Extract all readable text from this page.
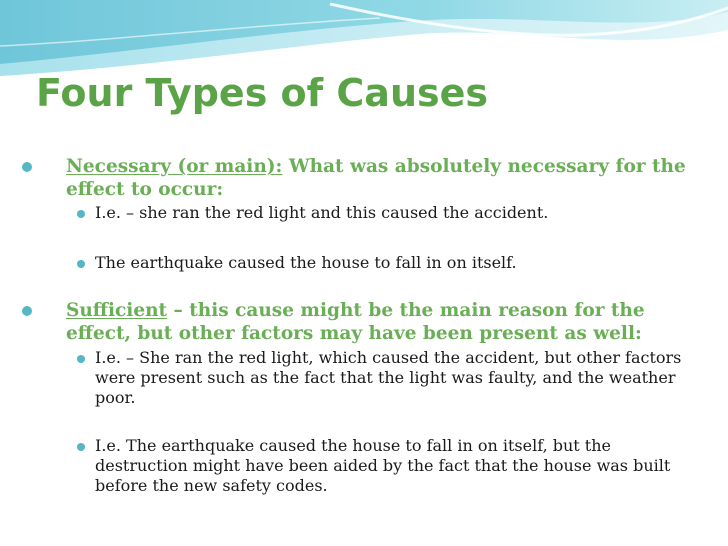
Four Types of Causes

Necessary (or main): What was absolutely necessary for the effect to occur:

I.e. – she ran the red light and this caused the accident.

The earthquake caused the house to fall in on itself.

Sufficient – this cause might be the main reason for the effect, but other factors may have been present as well:

I.e. – She ran the red light, which caused the accident, but other factors were present such as the fact that the light was faulty, and the weather poor.

I.e. The earthquake caused the house to fall in on itself, but the destruction might have been aided by the fact that the house was built before the new safety codes.
